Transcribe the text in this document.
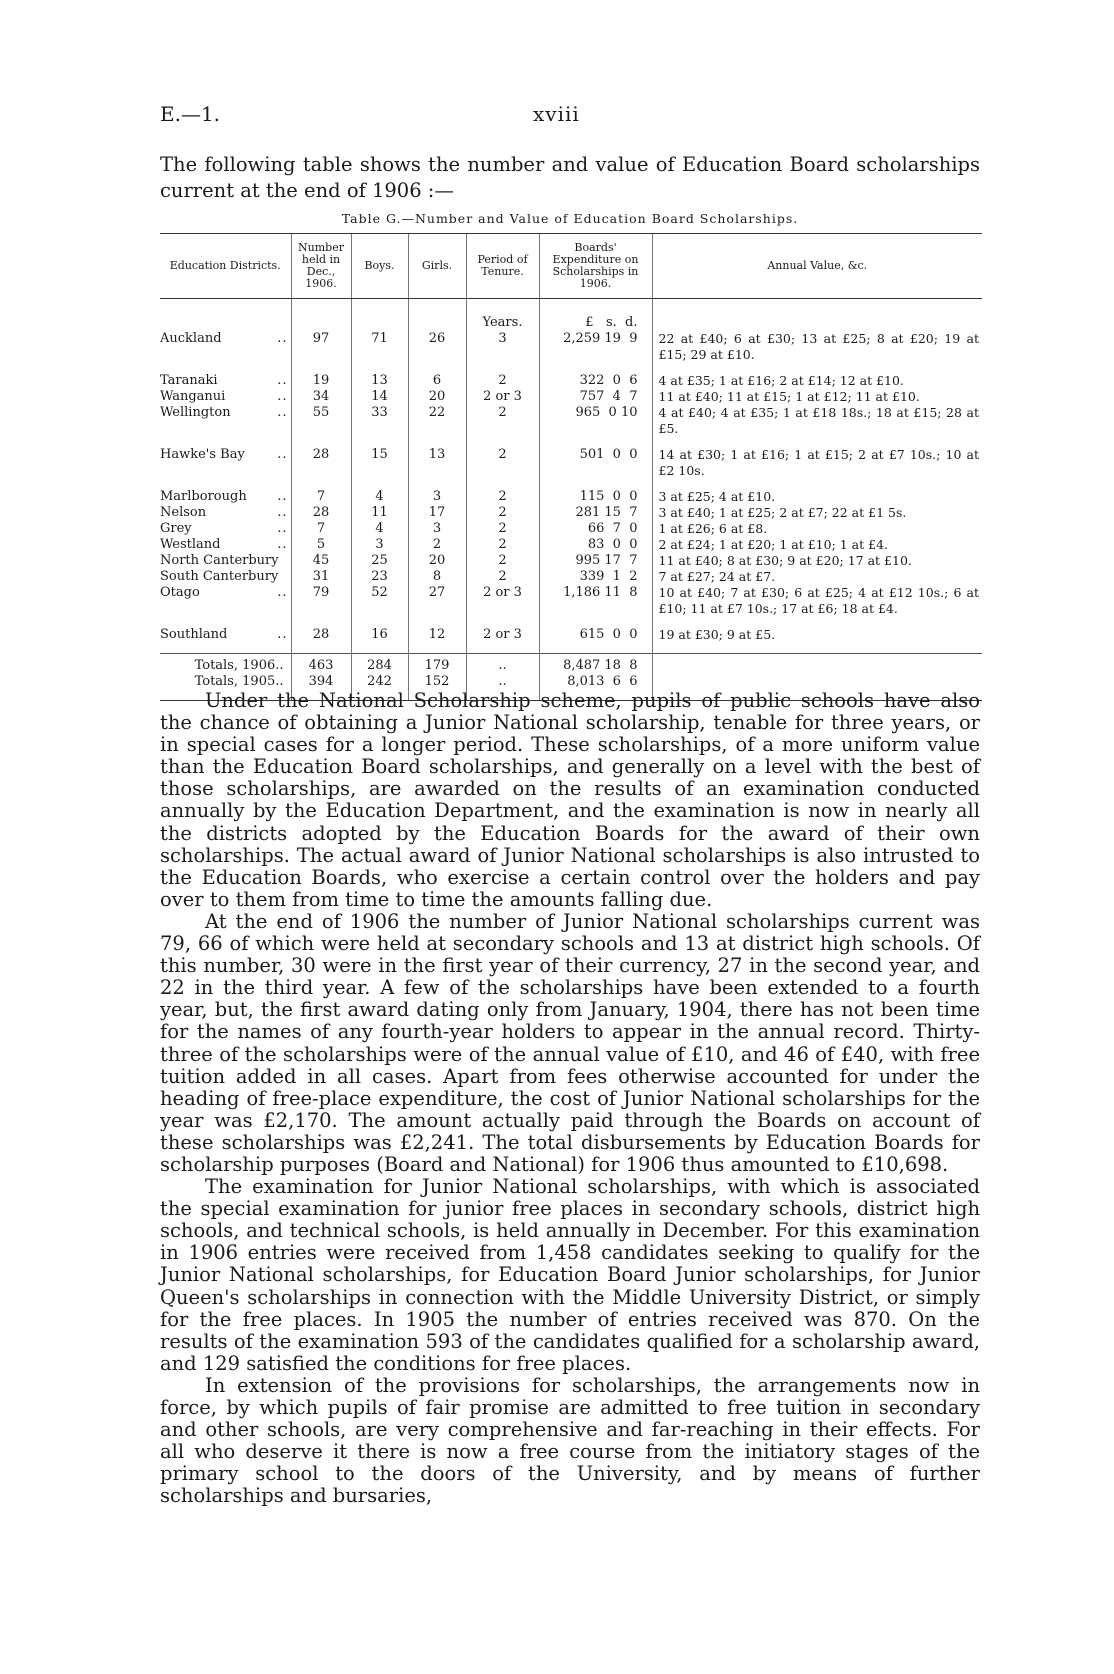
E.—1.	xviii
The following table shows the number and value of Education Board scholarships current at the end of 1906 :—
Table G.—Number and Value of Education Board Scholarships.
Education Districts.	Number held in Dec., 1906.	Boys.	Girls.	Period of Tenure.	Boards' Expenditure on Scholarships in 1906.	Annual Value, &c.
				Years.	£   s.  d.	

Auckland ..	97	71	26	3	2,259 19  9	22 at £40; 6 at £30; 13 at £25; 8 at £20; 19 at £15; 29 at £10.

Taranaki ..	19	13	6	2	322  0  6	4 at £35; 1 at £16; 2 at £14; 12 at £10.

Wanganui ..	34	14	20	2 or 3	757  4  7	11 at £40; 11 at £15; 1 at £12; 11 at £10.

Wellington ..	55	33	22	2	965  0 10	4 at £40; 4 at £35; 1 at £18 18s.; 18 at £15; 28 at £5.

Hawke's Bay ..	28	15	13	2	501  0  0	14 at £30; 1 at £16; 1 at £15; 2 at £7 10s.; 10 at £2 10s.

Marlborough ..	7	4	3	2	115  0  0	3 at £25; 4 at £10.

Nelson ..	28	11	17	2	281 15  7	3 at £40; 1 at £25; 2 at £7; 22 at £1 5s.

Grey ..	7	4	3	2	66  7  0	1 at £26; 6 at £8.

Westland ..	5	3	2	2	83  0  0	2 at £24; 1 at £20; 1 at £10; 1 at £4.

North Canterbury	45	25	20	2	995 17  7	11 at £40; 8 at £30; 9 at £20; 17 at £10.

South Canterbury	31	23	8	2	339  1  2	7 at £27; 24 at £7.

Otago ..	79	52	27	2 or 3	1,186 11  8	10 at £40; 7 at £30; 6 at £25; 4 at £12 10s.; 6 at £10; 11 at £7 10s.; 17 at £6; 18 at £4.

Southland ..	28	16	12	2 or 3	615  0  0	19 at £30; 9 at £5.

Totals, 1906..	463	284	179	..	8,487 18  8	

Totals, 1905..	394	242	152	..	8,013  6  6	

Under the National Scholarship scheme, pupils of public schools have also the chance of obtaining a Junior National scholarship, tenable for three years, or in special cases for a longer period. These scholarships, of a more uniform value than the Education Board scholarships, and generally on a level with the best of those scholarships, are awarded on the results of an examination conducted annually by the Education Department, and the examination is now in nearly all the districts adopted by the Education Boards for the award of their own scholarships. The actual award of Junior National scholarships is also intrusted to the Education Boards, who exercise a certain control over the holders and pay over to them from time to time the amounts falling due.

At the end of 1906 the number of Junior National scholarships current was 79, 66 of which were held at secondary schools and 13 at district high schools. Of this number, 30 were in the first year of their currency, 27 in the second year, and 22 in the third year. A few of the scholarships have been extended to a fourth year, but, the first award dating only from January, 1904, there has not been time for the names of any fourth-year holders to appear in the annual record. Thirty-three of the scholarships were of the annual value of £10, and 46 of £40, with free tuition added in all cases. Apart from fees otherwise accounted for under the heading of free-place expenditure, the cost of Junior National scholarships for the year was £2,170. The amount actually paid through the Boards on account of these scholarships was £2,241. The total disbursements by Education Boards for scholarship purposes (Board and National) for 1906 thus amounted to £10,698.

The examination for Junior National scholarships, with which is associated the special examination for junior free places in secondary schools, district high schools, and technical schools, is held annually in December. For this examination in 1906 entries were received from 1,458 candidates seeking to qualify for the Junior National scholarships, for Education Board Junior scholarships, for Junior Queen's scholarships in connection with the Middle University District, or simply for the free places. In 1905 the number of entries received was 870. On the results of the examination 593 of the candidates qualified for a scholarship award, and 129 satisfied the conditions for free places.

In extension of the provisions for scholarships, the arrangements now in force, by which pupils of fair promise are admitted to free tuition in secondary and other schools, are very comprehensive and far-reaching in their effects. For all who deserve it there is now a free course from the initiatory stages of the primary school to the doors of the University, and by means of further scholarships and bursaries,
